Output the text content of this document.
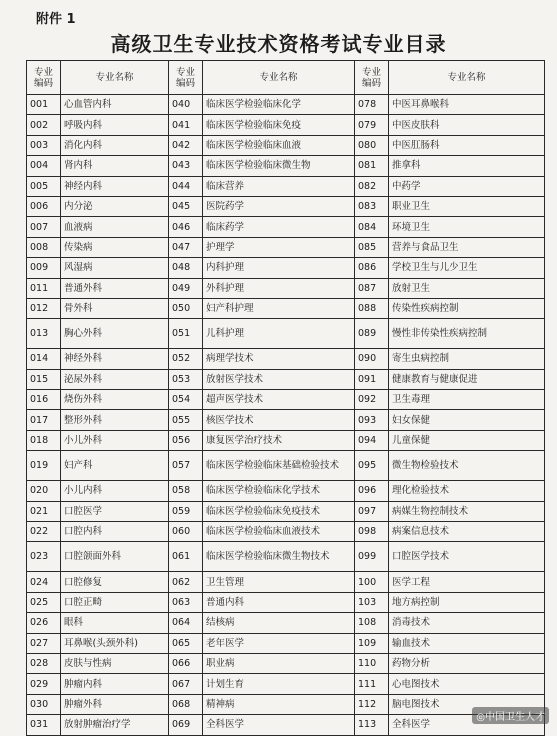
附件 1
高级卫生专业技术资格考试专业目录
专业编码	专业名称	专业编码	专业名称	专业编码	专业名称
001	心血管内科	040	临床医学检验临床化学	078	中医耳鼻喉科
002	呼吸内科	041	临床医学检验临床免疫	079	中医皮肤科
003	消化内科	042	临床医学检验临床血液	080	中医肛肠科
004	肾内科	043	临床医学检验临床微生物	081	推拿科
005	神经内科	044	临床营养	082	中药学
006	内分泌	045	医院药学	083	职业卫生
007	血液病	046	临床药学	084	环境卫生
008	传染病	047	护理学	085	营养与食品卫生
009	风湿病	048	内科护理	086	学校卫生与儿少卫生
011	普通外科	049	外科护理	087	放射卫生
012	骨外科	050	妇产科护理	088	传染性疾病控制
013	胸心外科	051	儿科护理	089	慢性非传染性疾病控制
014	神经外科	052	病理学技术	090	寄生虫病控制
015	泌尿外科	053	放射医学技术	091	健康教育与健康促进
016	烧伤外科	054	超声医学技术	092	卫生毒理
017	整形外科	055	核医学技术	093	妇女保健
018	小儿外科	056	康复医学治疗技术	094	儿童保健
019	妇产科	057	临床医学检验临床基础检验技术	095	微生物检验技术
020	小儿内科	058	临床医学检验临床化学技术	096	理化检验技术
021	口腔医学	059	临床医学检验临床免疫技术	097	病媒生物控制技术
022	口腔内科	060	临床医学检验临床血液技术	098	病案信息技术
023	口腔颌面外科	061	临床医学检验临床微生物技术	099	口腔医学技术
024	口腔修复	062	卫生管理	100	医学工程
025	口腔正畸	063	普通内科	103	地方病控制
026	眼科	064	结核病	108	消毒技术
027	耳鼻喉(头颈外科)	065	老年医学	109	输血技术
028	皮肤与性病	066	职业病	110	药物分析
029	肿瘤内科	067	计划生育	111	心电图技术
030	肿瘤外科	068	精神病	112	脑电图技术
031	放射肿瘤治疗学	069	全科医学	113	全科医学
◎中国卫生人才
